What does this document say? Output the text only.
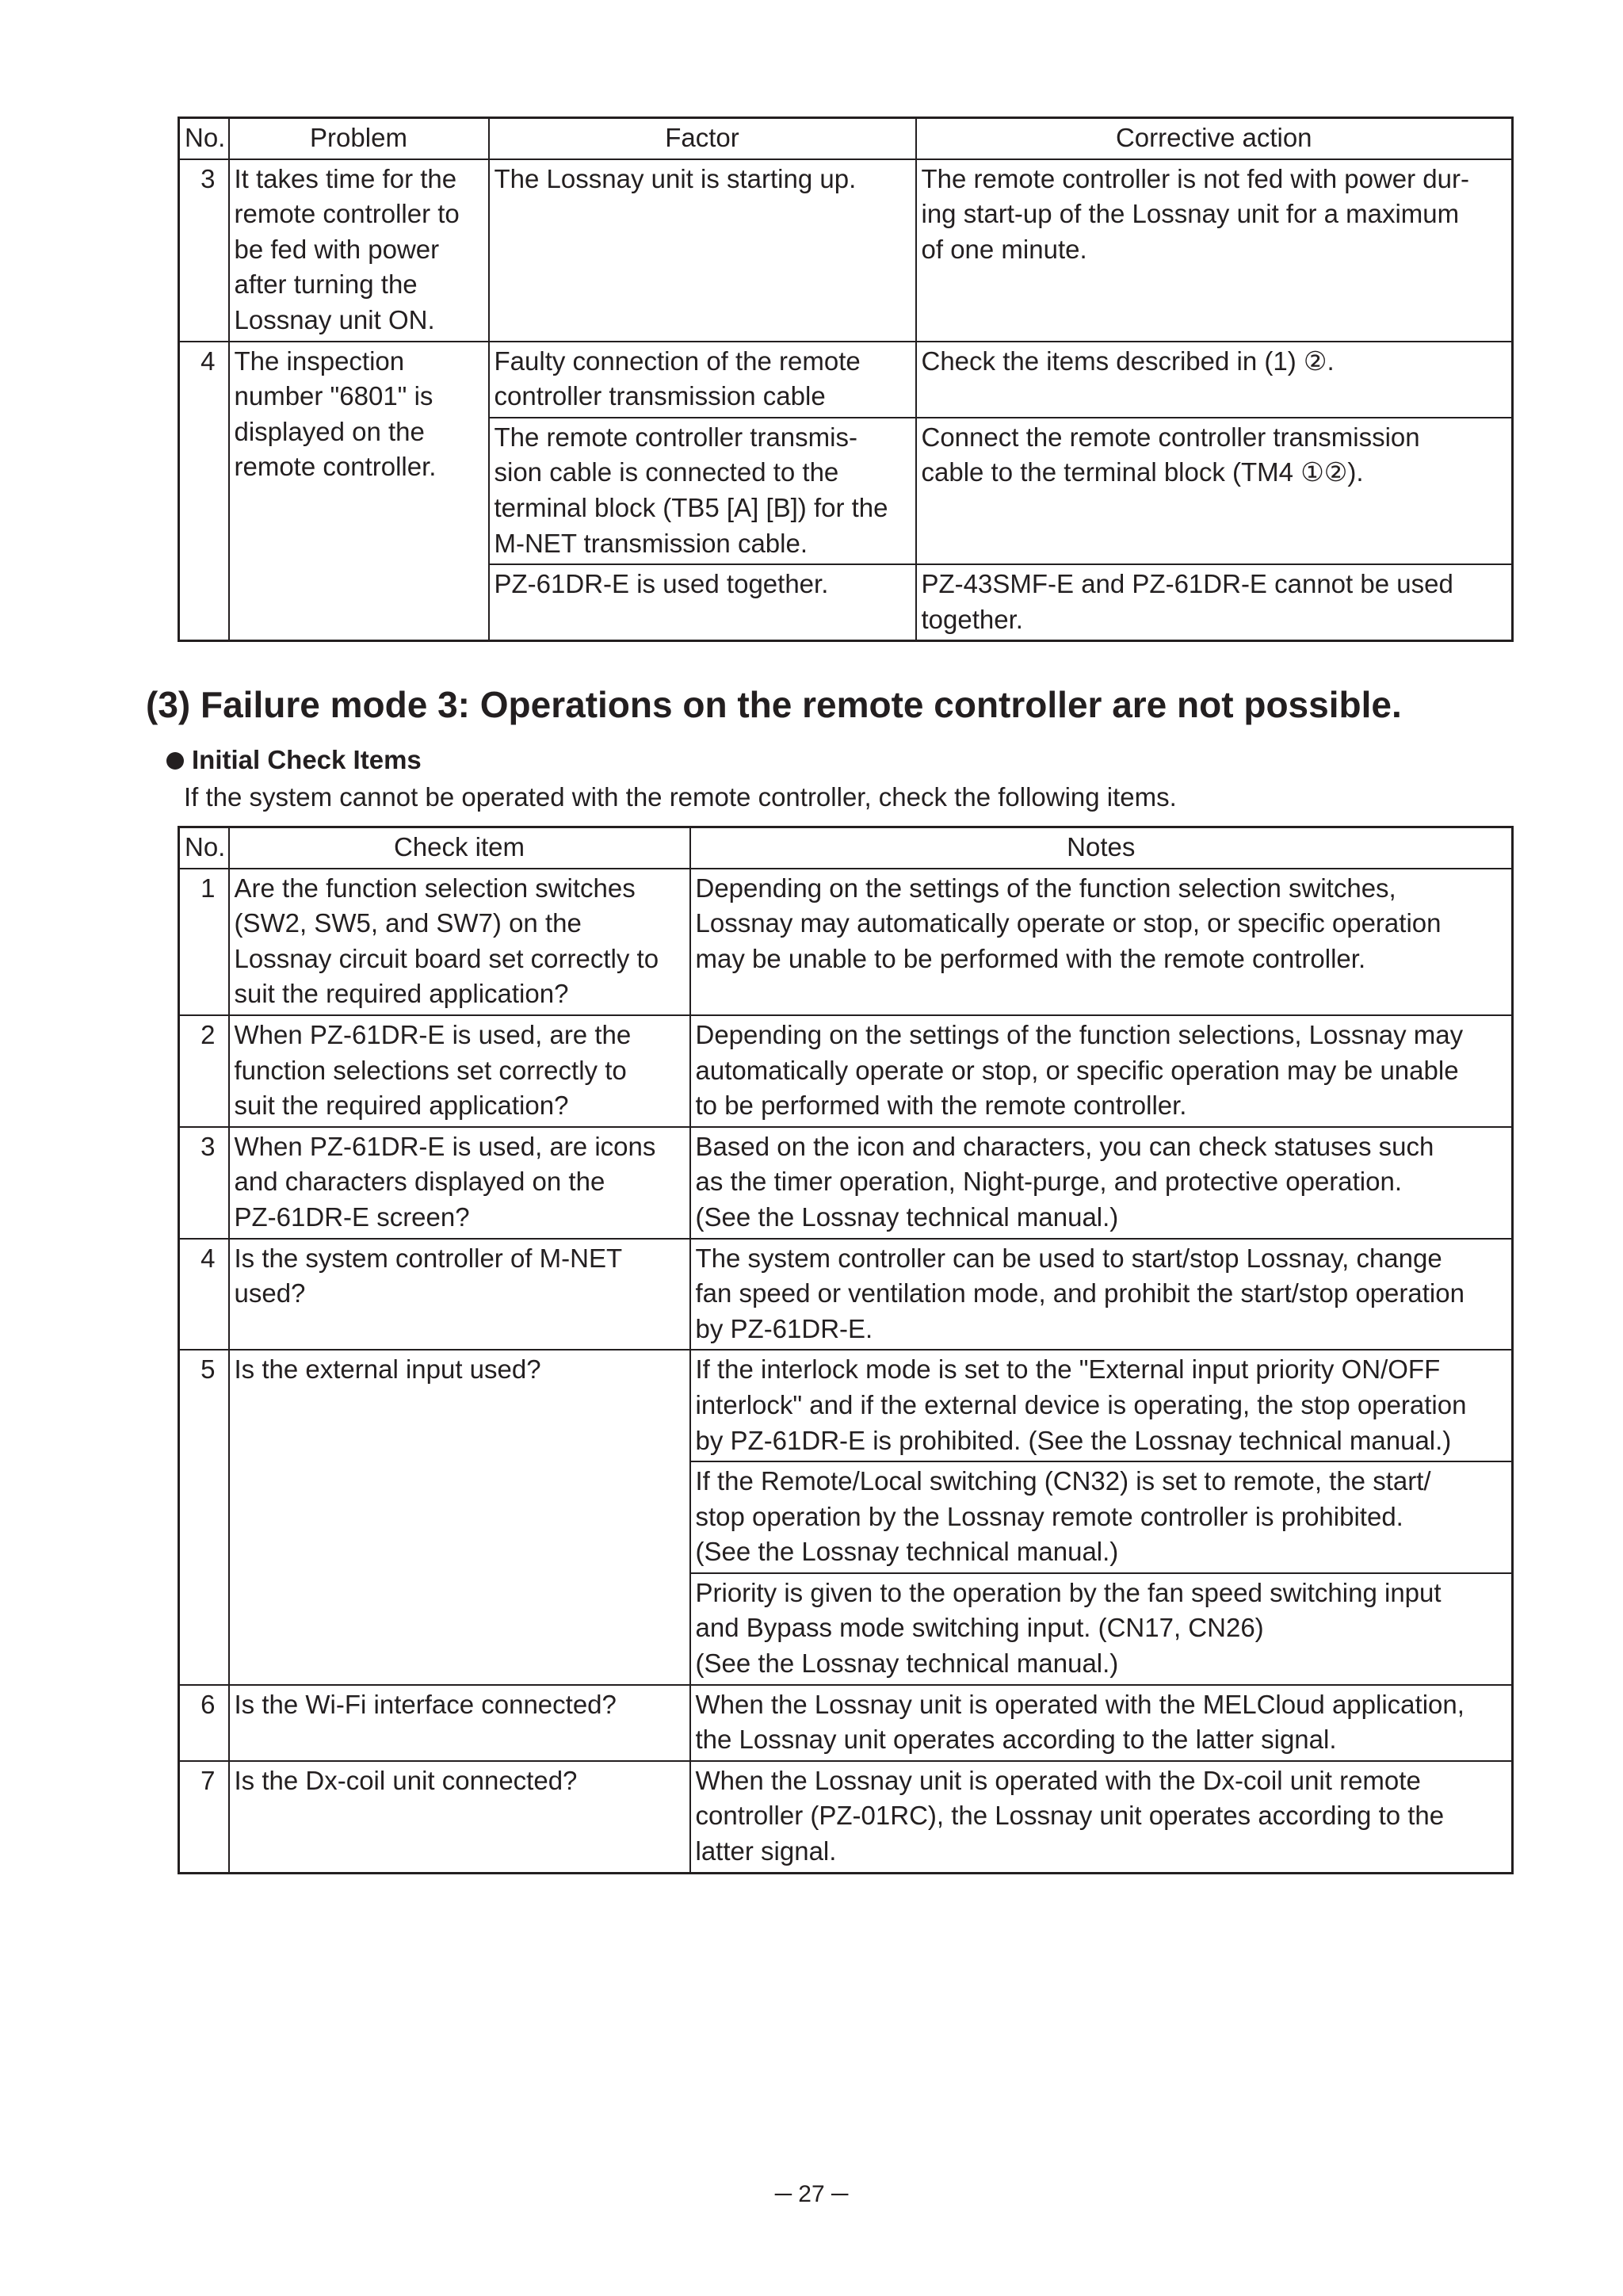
No.	Problem	Factor	Corrective action
3	It takes time for the
remote controller to
be fed with power
after turning the
Lossnay unit ON.	The Lossnay unit is starting up.	The remote controller is not fed with power dur-
ing start-up of the Lossnay unit for a maximum
of one minute.

4	The inspection
number "6801" is
displayed on the
remote controller.	Faulty connection of the remote
controller transmission cable	Check the items described in (1) ②.

		The remote controller transmis-
sion cable is connected to the
terminal block (TB5 [A] [B]) for the
M-NET transmission cable.	Connect the remote controller transmission
cable to the terminal block (TM4 ①②).

		PZ-61DR-E is used together.	PZ-43SMF-E and PZ-61DR-E cannot be used
together.
(3) Failure mode 3: Operations on the remote controller are not possible.
Initial Check Items
If the system cannot be operated with the remote controller, check the following items.
No.	Check item	Notes
1	Are the function selection switches
(SW2, SW5, and SW7) on the
Lossnay circuit board set correctly to
suit the required application?	Depending on the settings of the function selection switches,
Lossnay may automatically operate or stop, or specific operation
may be unable to be performed with the remote controller.

2	When PZ-61DR-E is used, are the
function selections set correctly to
suit the required application?	Depending on the settings of the function selections, Lossnay may
automatically operate or stop, or specific operation may be unable
to be performed with the remote controller.

3	When PZ-61DR-E is used, are icons
and characters displayed on the
PZ-61DR-E screen?	Based on the icon and characters, you can check statuses such
as the timer operation, Night-purge, and protective operation.
(See the Lossnay technical manual.)

4	Is the system controller of M-NET
used?	The system controller can be used to start/stop Lossnay, change
fan speed or ventilation mode, and prohibit the start/stop operation
by PZ-61DR-E.

5	Is the external input used?	If the interlock mode is set to the "External input priority ON/OFF
interlock" and if the external device is operating, the stop operation
by PZ-61DR-E is prohibited. (See the Lossnay technical manual.)

		If the Remote/Local switching (CN32) is set to remote, the start/
stop operation by the Lossnay remote controller is prohibited.
(See the Lossnay technical manual.)

		Priority is given to the operation by the fan speed switching input
and Bypass mode switching input. (CN17, CN26)
(See the Lossnay technical manual.)

6	Is the Wi-Fi interface connected?	When the Lossnay unit is operated with the MELCloud application,
the Lossnay unit operates according to the latter signal.

7	Is the Dx-coil unit connected?	When the Lossnay unit is operated with the Dx-coil unit remote
controller (PZ-01RC), the Lossnay unit operates according to the
latter signal.
─ 27 ─
